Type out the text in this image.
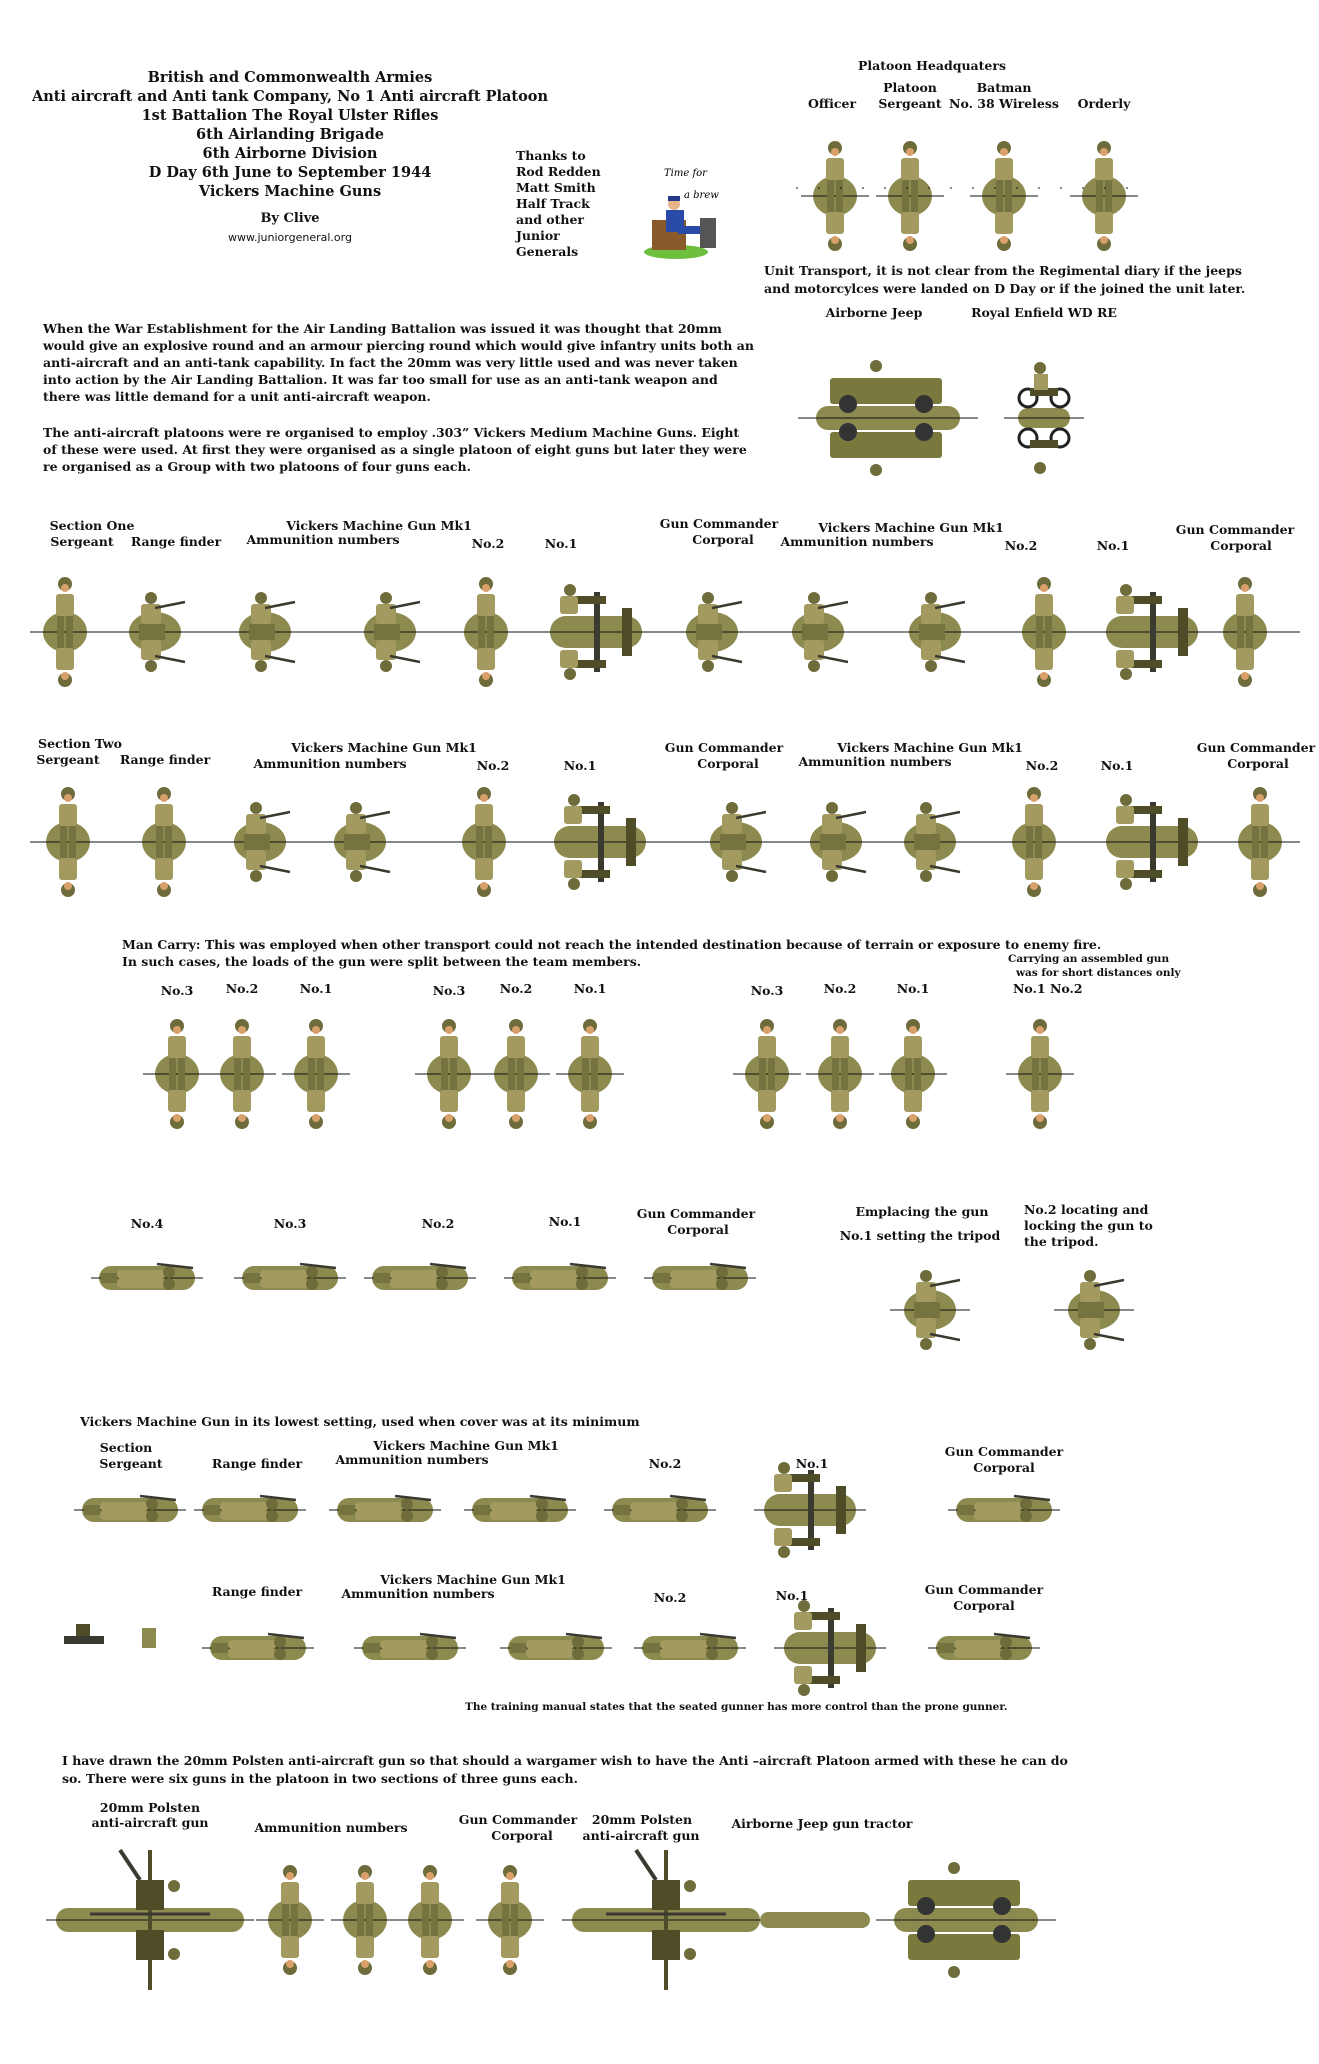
British and Commonwealth Armies
Anti aircraft and Anti tank Company, No 1 Anti aircraft Platoon
1st Battalion The Royal Ulster Rifles
6th Airlanding Brigade
6th Airborne Division
D Day 6th June to September 1944
Vickers Machine Guns
By Clive
www.juniorgeneral.org
Thanks to
Rod Redden
Matt Smith
Half Track
and other
Junior
Generals
Time for
a brew
Platoon Headquaters
Officer
Platoon
Sergeant
Batman
No. 38 Wireless Orderly
Unit Transport, it is not clear from the Regimental diary if the jeeps
and motorcylces were landed on D Day or if the joined the unit later.
Airborne Jeep	Royal Enfield WD RE
When the War Establishment for the Air Landing Battalion was issued it was thought that 20mm
would give an explosive round and an armour piercing round which would give infantry units both an
anti-aircraft and an anti-tank capability. In fact the 20mm was very little used and was never taken
into action by the Air Landing Battalion. It was far too small for use as an anti-tank weapon and
there was little demand for a unit anti-aircraft weapon.
The anti-aircraft platoons were re organised to employ .303” Vickers Medium Machine Guns. Eight
of these were used. At first they were organised as a single platoon of eight guns but later they were
re organised as a Group with two platoons of four guns each.
Section One
Sergeant Range finder
Vickers Machine Gun Mk1
Ammunition numbers	No.2	No.1
Gun Commander
Corporal
Vickers Machine Gun Mk1
Ammunition numbers	No.2	No.1
Gun Commander
Corporal
Section Two
Sergeant Range finder
Vickers Machine Gun Mk1
Ammunition numbers	No.2	No.1
Gun Commander
Corporal
Vickers Machine Gun Mk1
Ammunition numbers	No.2	No.1
Gun Commander
Corporal
Man Carry: This was employed when other transport could not reach the intended destination because of terrain or exposure to enemy fire.
In such cases, the loads of the gun were split between the team members.
No.3	No.2	No.1	No.3	No.2	No.1	No.3	No.2	No.1
Carrying an assembled gun
was for short distances only
No.1 No.2
No.4	No.3	No.2	No.1
Gun Commander
Corporal
Emplacing the gun
No.1 setting the tripod
No.2 locating and
locking the gun to
the tripod.
Vickers Machine Gun in its lowest setting, used when cover was at its minimum
Section
Sergeant	Range finder
Vickers Machine Gun Mk1
Ammunition numbers	No.2	No.1
Gun Commander
Corporal
Range finder
Vickers Machine Gun Mk1
Ammunition numbers	No.2	No.1	Gun Commander
Corporal
The training manual states that the seated gunner has more control than the prone gunner.
I have drawn the 20mm Polsten anti-aircraft gun so that should a wargamer wish to have the Anti –aircraft Platoon armed with these he can do
so. There were six guns in the platoon in two sections of three guns each.
20mm Polsten
anti-aircraft gun	Ammunition numbers
Gun Commander
Corporal
20mm Polsten
anti-aircraft gun
Airborne Jeep gun tractor
